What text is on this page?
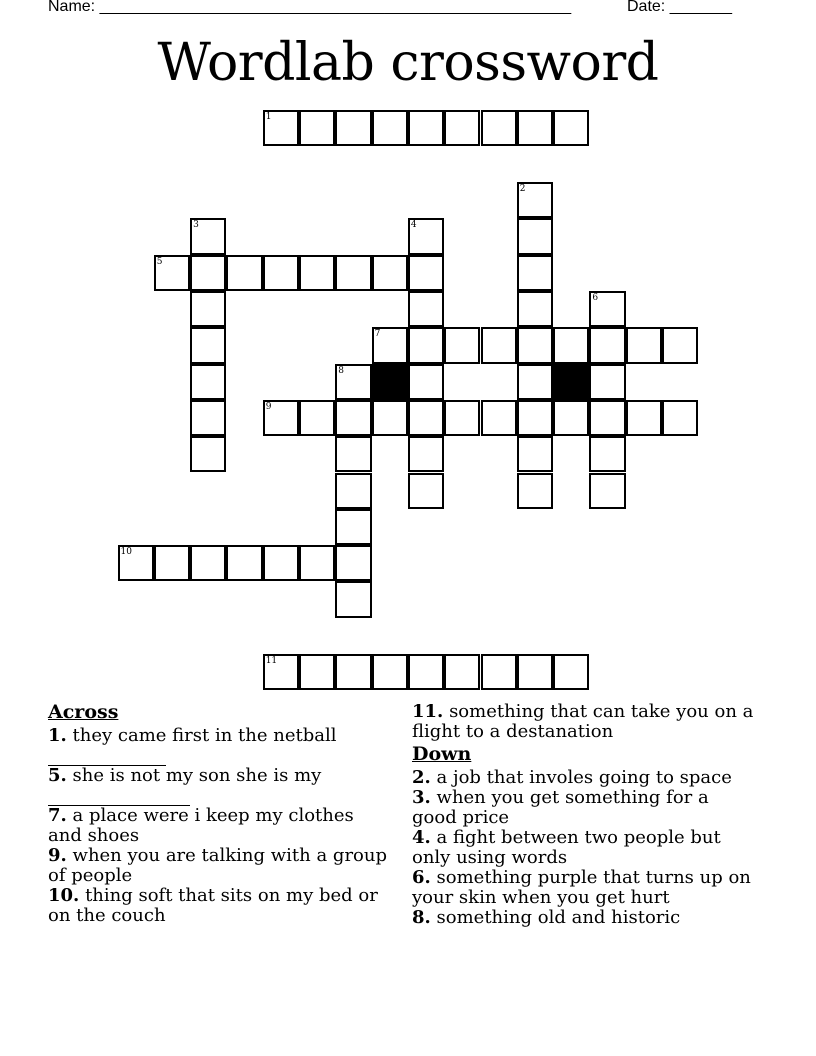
Name: _____________________________________________________	Date: _______
Wordlab crossword
1
2
3	4
5
6
7
8
9
10
11
Across
1. they came first in the netball

5. she is not my son she is my

7. a place were i keep my clothes and shoes
9. when you are talking with a group of people
10. thing soft that sits on my bed or on the couch
11. something that can take you on a flight to a destanation
Down
2. a job that involes going to space
3. when you get something for a good price
4. a fight between two people but only using words
6. something purple that turns up on your skin when you get hurt
8. something old and historic
